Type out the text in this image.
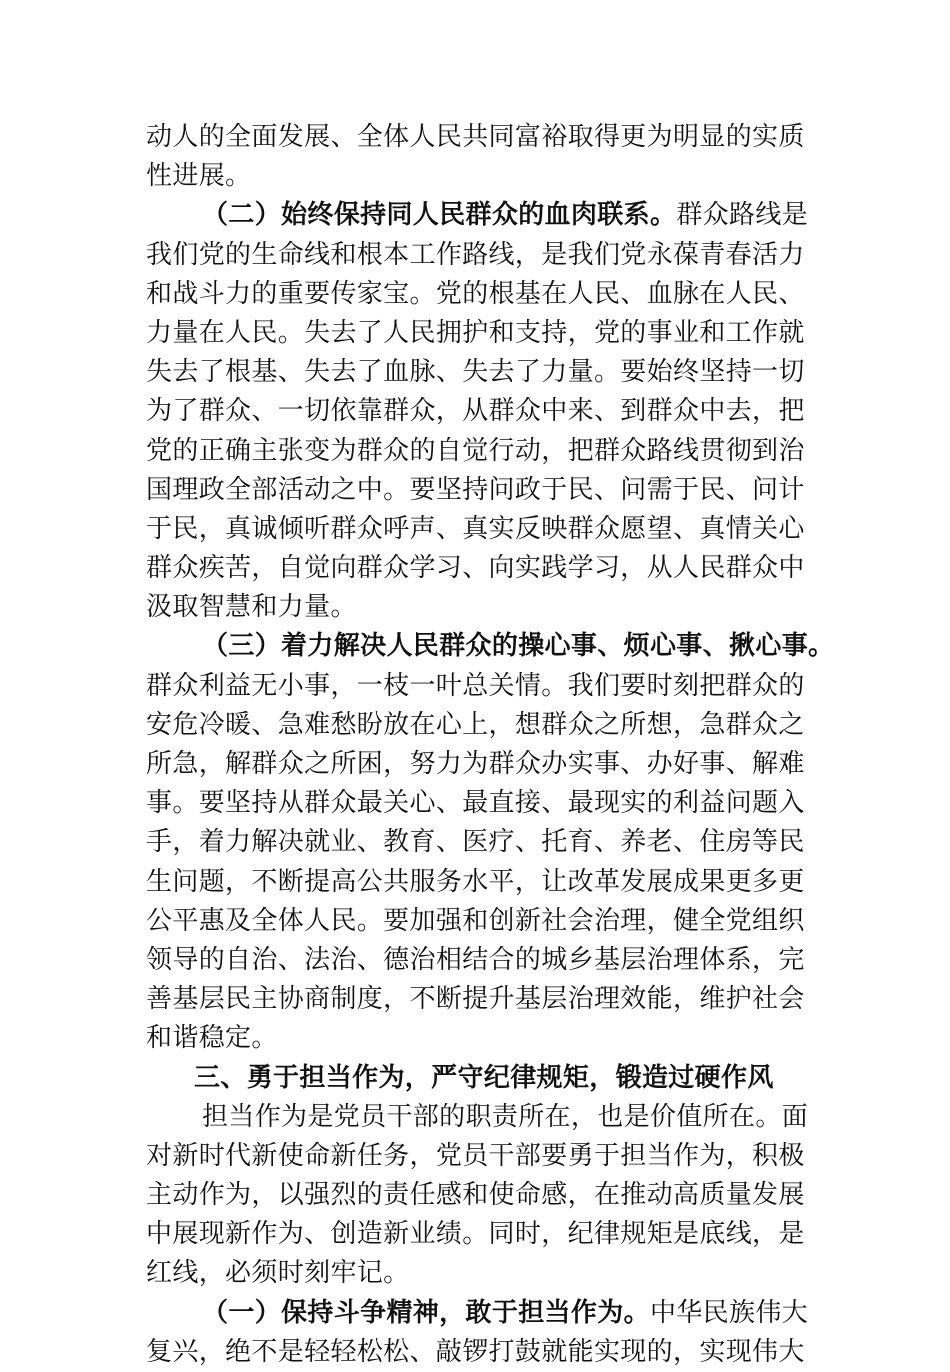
动人的全面发展、全体人民共同富裕取得更为明显的实质
性进展。
（二）始终保持同人民群众的血肉联系。群众路线是
我们党的生命线和根本工作路线，是我们党永葆青春活力
和战斗力的重要传家宝。党的根基在人民、血脉在人民、
力量在人民。失去了人民拥护和支持，党的事业和工作就
失去了根基、失去了血脉、失去了力量。要始终坚持一切
为了群众、一切依靠群众，从群众中来、到群众中去，把
党的正确主张变为群众的自觉行动，把群众路线贯彻到治
国理政全部活动之中。要坚持问政于民、问需于民、问计
于民，真诚倾听群众呼声、真实反映群众愿望、真情关心
群众疾苦，自觉向群众学习、向实践学习，从人民群众中
汲取智慧和力量。
（三）着力解决人民群众的操心事、烦心事、揪心事。
群众利益无小事，一枝一叶总关情。我们要时刻把群众的
安危冷暖、急难愁盼放在心上，想群众之所想，急群众之
所急，解群众之所困，努力为群众办实事、办好事、解难
事。要坚持从群众最关心、最直接、最现实的利益问题入
手，着力解决就业、教育、医疗、托育、养老、住房等民
生问题，不断提高公共服务水平，让改革发展成果更多更
公平惠及全体人民。要加强和创新社会治理，健全党组织
领导的自治、法治、德治相结合的城乡基层治理体系，完
善基层民主协商制度，不断提升基层治理效能，维护社会
和谐稳定。
三、勇于担当作为，严守纪律规矩，锻造过硬作风
担当作为是党员干部的职责所在，也是价值所在。面
对新时代新使命新任务，党员干部要勇于担当作为，积极
主动作为，以强烈的责任感和使命感，在推动高质量发展
中展现新作为、创造新业绩。同时，纪律规矩是底线，是
红线，必须时刻牢记。
（一）保持斗争精神，敢于担当作为。中华民族伟大
复兴，绝不是轻轻松松、敲锣打鼓就能实现的，实现伟大
